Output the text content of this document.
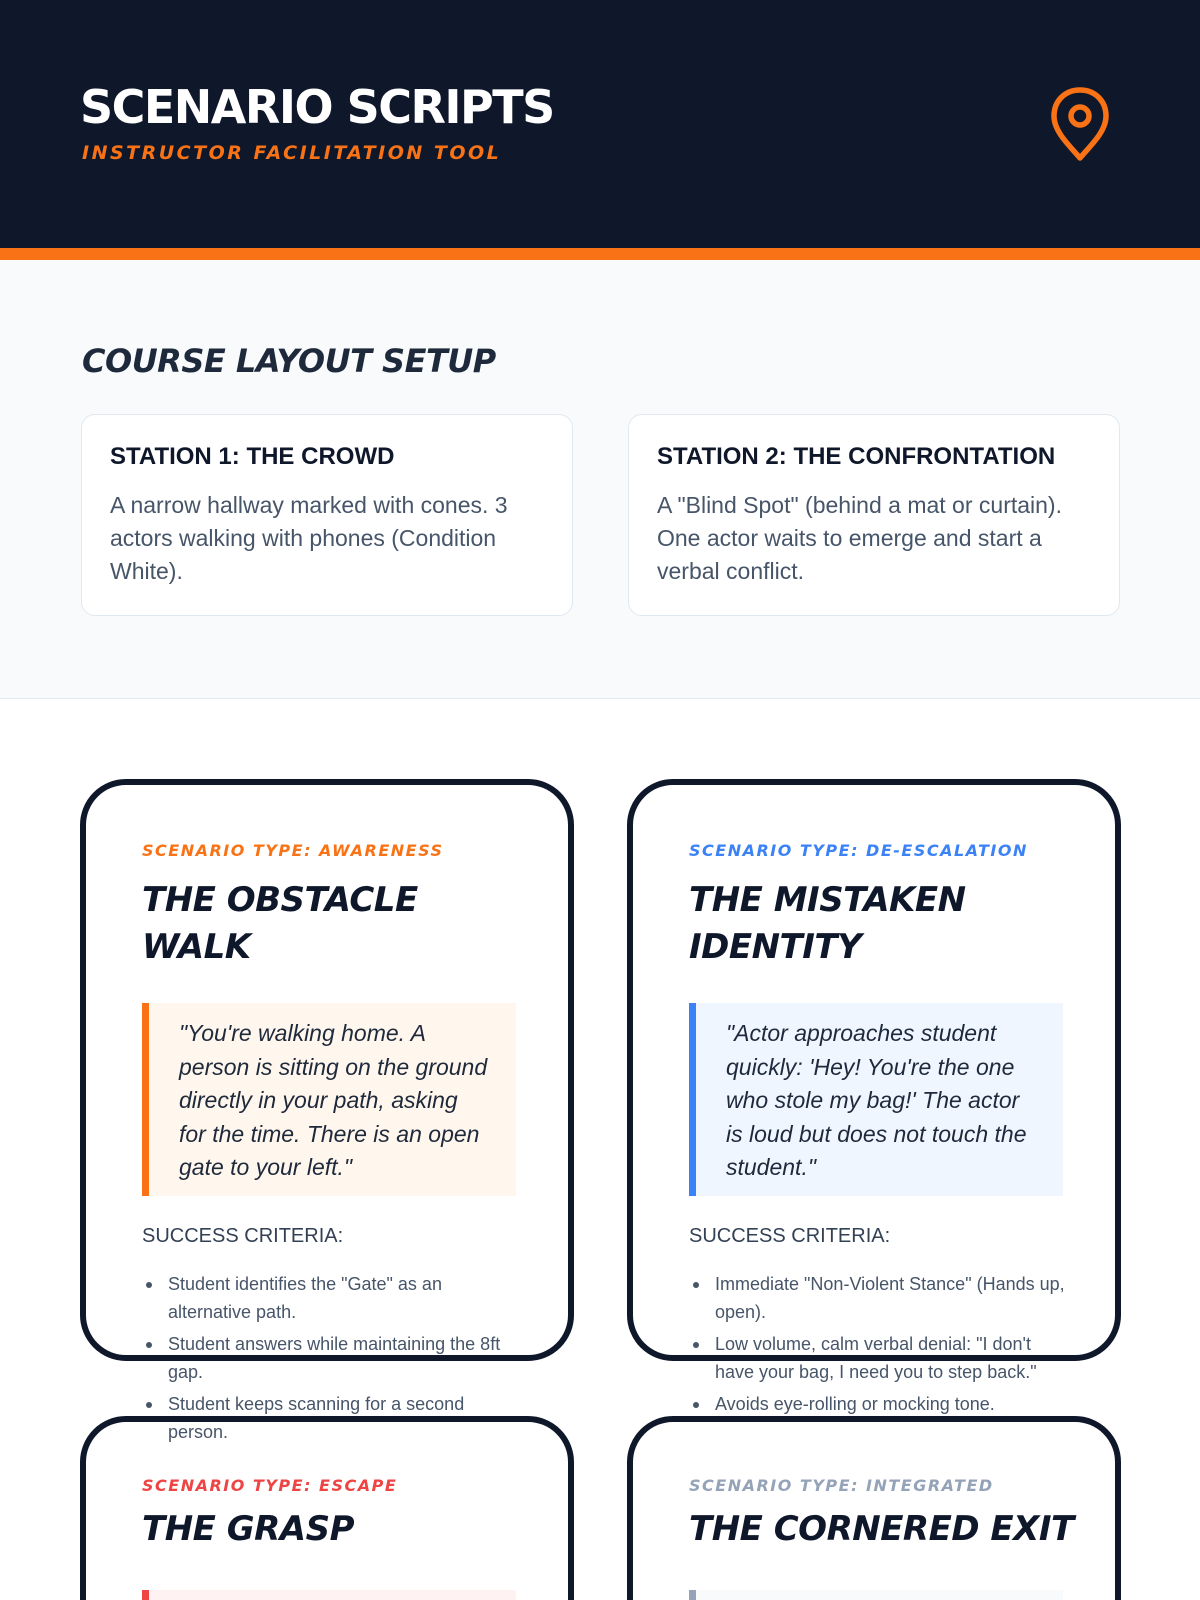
SCENARIO SCRIPTS
INSTRUCTOR FACILITATION TOOL
COURSE LAYOUT SETUP
STATION 1: THE CROWD
A narrow hallway marked with cones. 3 actors walking with phones (Condition White).
STATION 2: THE CONFRONTATION
A "Blind Spot" (behind a mat or curtain). One actor waits to emerge and start a verbal conflict.
SCENARIO TYPE: AWARENESS
THE OBSTACLE WALK
"You're walking home. A person is sitting on the ground directly in your path, asking for the time. There is an open gate to your left."
SUCCESS CRITERIA:
SCENARIO TYPE: DE-ESCALATION
THE MISTAKEN IDENTITY
"Actor approaches student quickly: 'Hey! You're the one who stole my bag!' The actor is loud but does not touch the student."
SUCCESS CRITERIA:
SCENARIO TYPE: ESCAPE
THE GRASP
SCENARIO TYPE: INTEGRATED
THE CORNERED EXIT
Student identifies the "Gate" as an alternative path.
Student answers while maintaining the 8ft gap.
Student keeps scanning for a second person.
Immediate "Non-Violent Stance" (Hands up, open).
Low volume, calm verbal denial: "I don't have your bag, I need you to step back."
Avoids eye-rolling or mocking tone.
